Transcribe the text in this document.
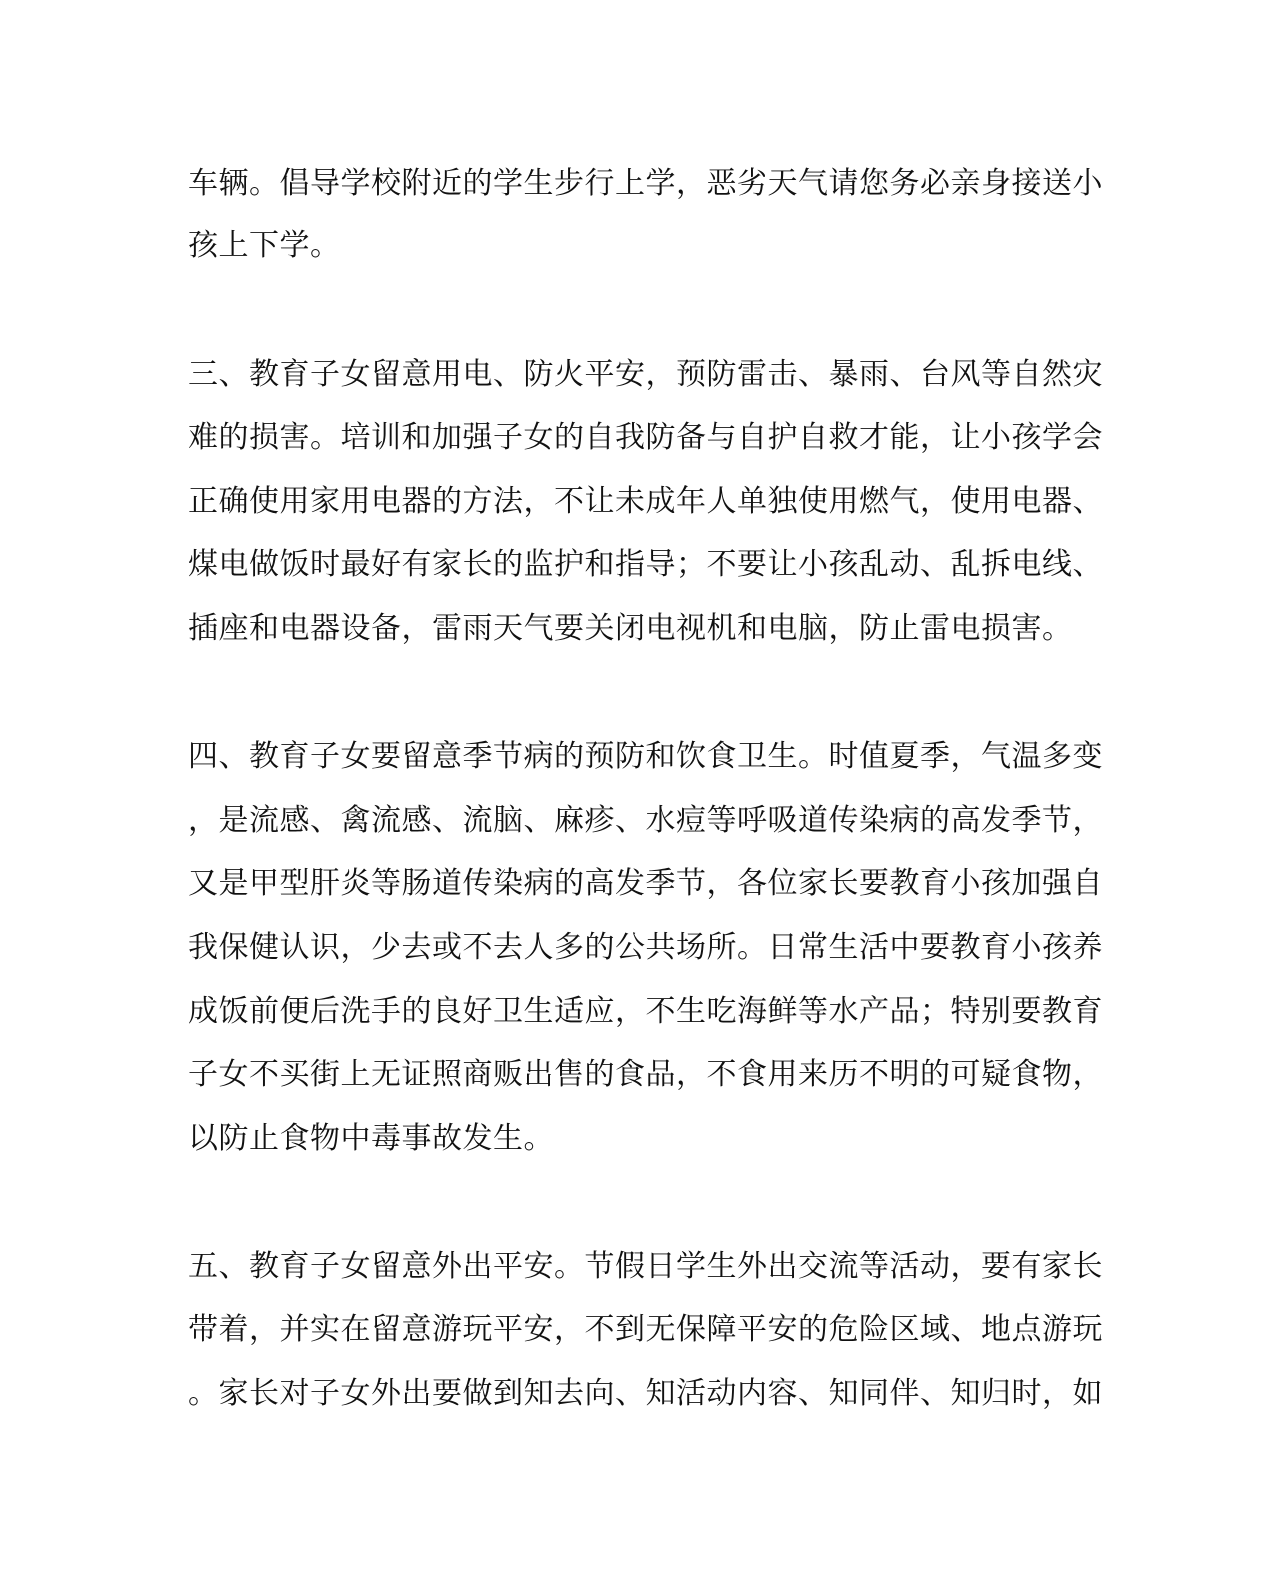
车辆。倡导学校附近的学生步行上学，恶劣天气请您务必亲身接送小
孩上下学。
三、教育子女留意用电、防火平安，预防雷击、暴雨、台风等自然灾
难的损害。培训和加强子女的自我防备与自护自救才能，让小孩学会
正确使用家用电器的方法，不让未成年人单独使用燃气，使用电器、
煤电做饭时最好有家长的监护和指导；不要让小孩乱动、乱拆电线、
插座和电器设备，雷雨天气要关闭电视机和电脑，防止雷电损害。
四、教育子女要留意季节病的预防和饮食卫生。时值夏季，气温多变
，是流感、禽流感、流脑、麻疹、水痘等呼吸道传染病的高发季节，
又是甲型肝炎等肠道传染病的高发季节，各位家长要教育小孩加强自
我保健认识，少去或不去人多的公共场所。日常生活中要教育小孩养
成饭前便后洗手的良好卫生适应，不生吃海鲜等水产品；特别要教育
子女不买街上无证照商贩出售的食品，不食用来历不明的可疑食物，
以防止食物中毒事故发生。
五、教育子女留意外出平安。节假日学生外出交流等活动，要有家长
带着，并实在留意游玩平安，不到无保障平安的危险区域、地点游玩
。家长对子女外出要做到知去向、知活动内容、知同伴、知归时，如
